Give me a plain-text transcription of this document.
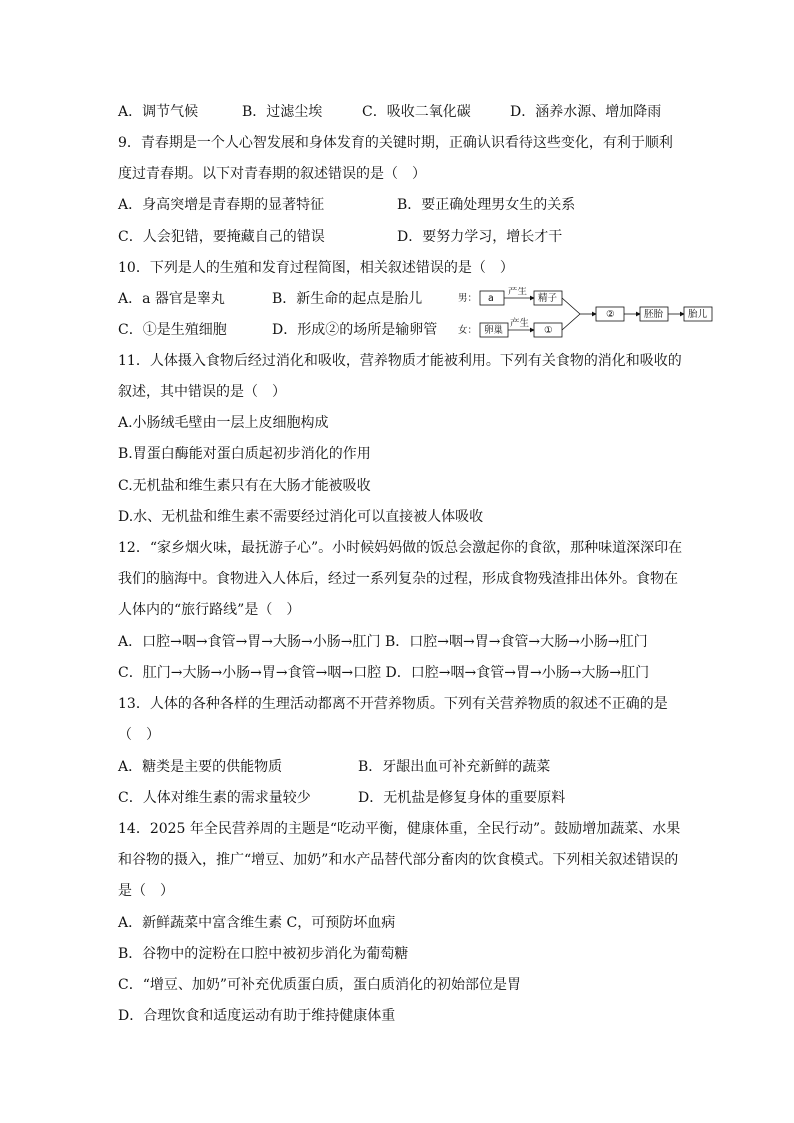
A．调节气候	B．过滤尘埃	C．吸收二氧化碳	D．涵养水源、增加降雨
9．青春期是一个人心智发展和身体发育的关键时期，正确认识看待这些变化，有利于顺利
度过青春期。以下对青春期的叙述错误的是（　）
A．身高突增是青春期的显著特征	B．要正确处理男女生的关系
C．人会犯错，要掩藏自己的错误	D．要努力学习，增长才干
10．下列是人的生殖和发育过程简图，相关叙述错误的是（　）
A．a 器官是睾丸	B．新生命的起点是胎儿
C．①是生殖细胞	D．形成②的场所是输卵管
男： a
产生
精子
女： 卵巢
产生
①
②	胚胎	胎儿
11．人体摄入食物后经过消化和吸收，营养物质才能被利用。下列有关食物的消化和吸收的
叙述，其中错误的是（　）
A.小肠绒毛壁由一层上皮细胞构成
B.胃蛋白酶能对蛋白质起初步消化的作用
C.无机盐和维生素只有在大肠才能被吸收
D.水、无机盐和维生素不需要经过消化可以直接被人体吸收
12．“家乡烟火味，最抚游子心”。小时候妈妈做的饭总会激起你的食欲，那种味道深深印在
我们的脑海中。食物进入人体后，经过一系列复杂的过程，形成食物残渣排出体外。食物在
人体内的“旅行路线”是（　）
A．口腔→咽→食管→胃→大肠→小肠→肛门 B．口腔→咽→胃→食管→大肠→小肠→肛门
C．肛门→大肠→小肠→胃→食管→咽→口腔 D．口腔→咽→食管→胃→小肠→大肠→肛门
13．人体的各种各样的生理活动都离不开营养物质。下列有关营养物质的叙述不正确的是
（　）
A．糖类是主要的供能物质	B．牙龈出血可补充新鲜的蔬菜
C．人体对维生素的需求量较少	D．无机盐是修复身体的重要原料
14．2025 年全民营养周的主题是“吃动平衡，健康体重，全民行动”。鼓励增加蔬菜、水果
和谷物的摄入，推广“增豆、加奶”和水产品替代部分畜肉的饮食模式。下列相关叙述错误的
是（　）
A．新鲜蔬菜中富含维生素 C，可预防坏血病
B．谷物中的淀粉在口腔中被初步消化为葡萄糖
C．“增豆、加奶”可补充优质蛋白质，蛋白质消化的初始部位是胃
D．合理饮食和适度运动有助于维持健康体重
